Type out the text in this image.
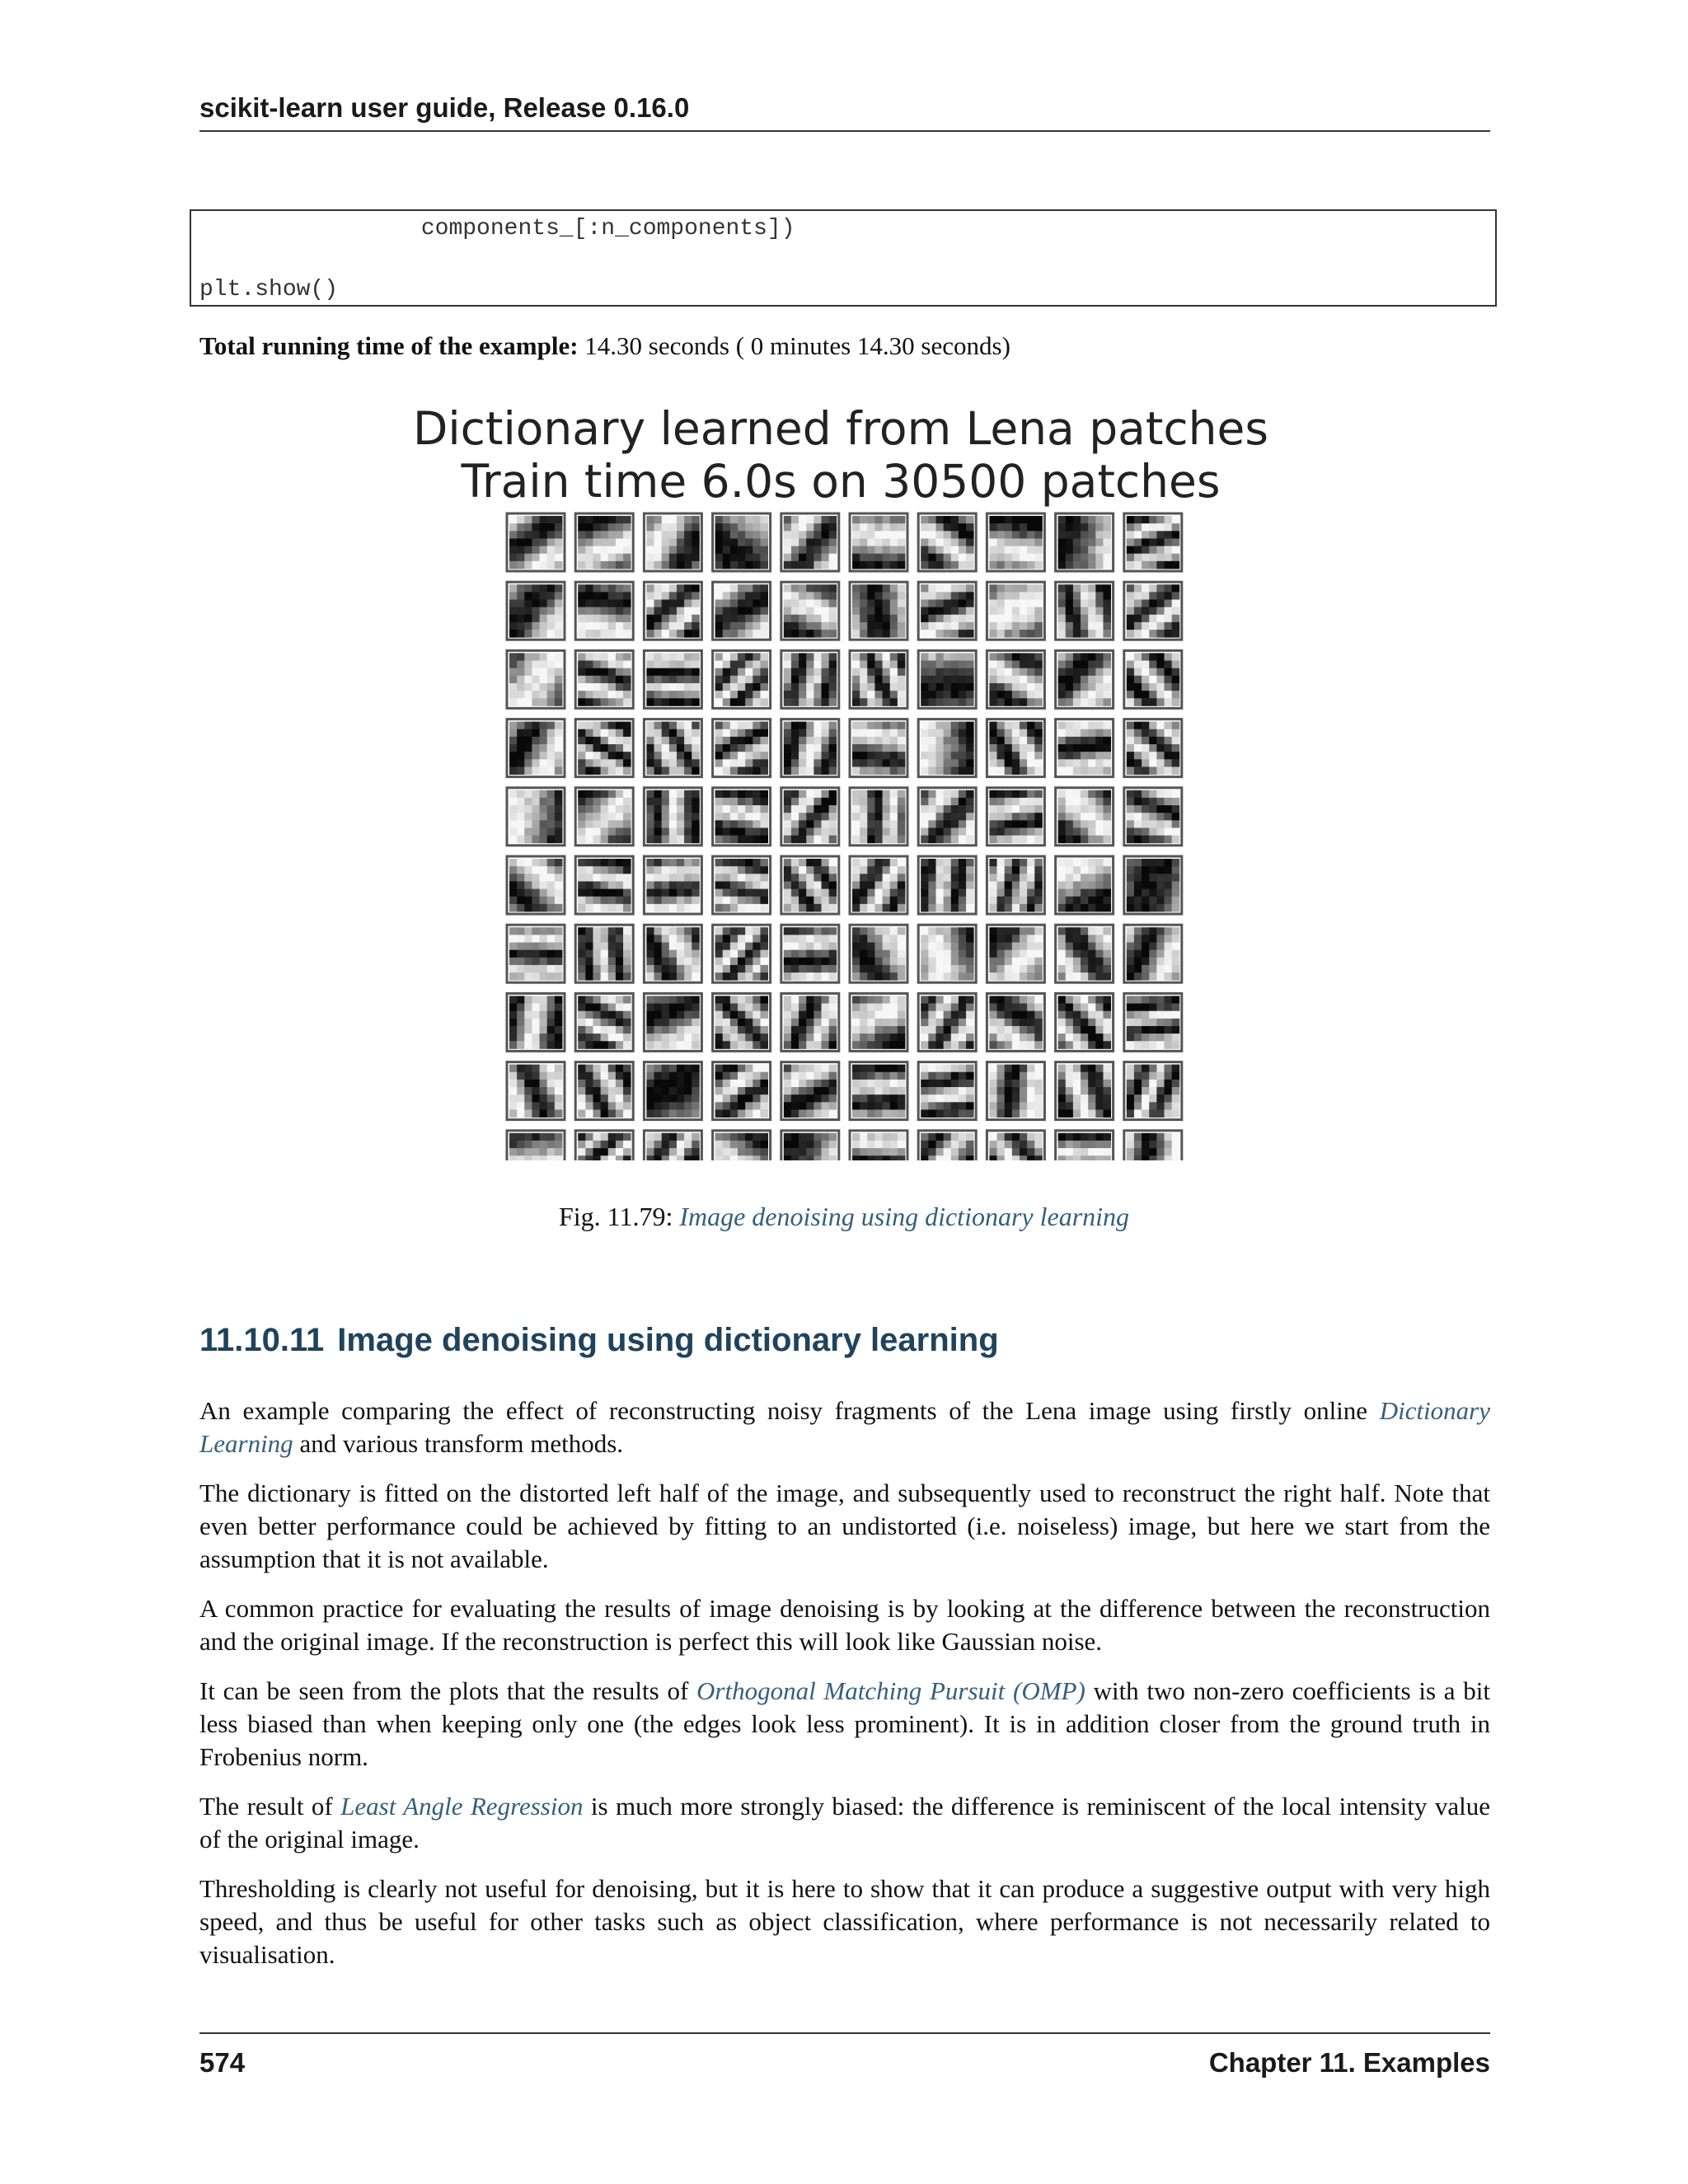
scikit-learn user guide, Release 0.16.0
components_[:n_components])
plt.show()
Total running time of the example: 14.30 seconds ( 0 minutes 14.30 seconds)
Dictionary learned from Lena patches
Train time 6.0s on 30500 patches
Fig. 11.79: Image denoising using dictionary learning
11.10.11 Image denoising using dictionary learning

An example comparing the effect of reconstructing noisy fragments of the Lena image using firstly online Dictionary Learning and various transform methods.

The dictionary is fitted on the distorted left half of the image, and subsequently used to reconstruct the right half. Note that even better performance could be achieved by fitting to an undistorted (i.e. noiseless) image, but here we start from the assumption that it is not available.

A common practice for evaluating the results of image denoising is by looking at the difference between the reconstruction and the original image. If the reconstruction is perfect this will look like Gaussian noise.

It can be seen from the plots that the results of Orthogonal Matching Pursuit (OMP) with two non-zero coefficients is a bit less biased than when keeping only one (the edges look less prominent). It is in addition closer from the ground truth in Frobenius norm.

The result of Least Angle Regression is much more strongly biased: the difference is reminiscent of the local intensity value of the original image.

Thresholding is clearly not useful for denoising, but it is here to show that it can produce a suggestive output with very high speed, and thus be useful for other tasks such as object classification, where performance is not necessarily related to visualisation.

574	Chapter 11. Examples
